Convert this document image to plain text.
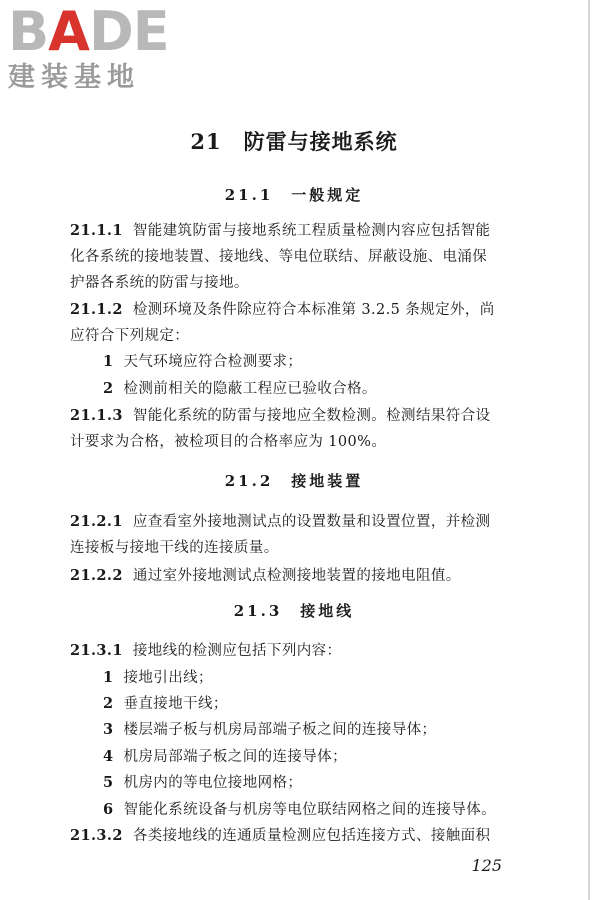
BADE
建装基地
21　防雷与接地系统
21.1　一般规定
21.1.1 智能建筑防雷与接地系统工程质量检测内容应包括智能
化各系统的接地装置、接地线、等电位联结、屏蔽设施、电涌保
护器各系统的防雷与接地。
21.1.2 检测环境及条件除应符合本标准第 3.2.5 条规定外，尚
应符合下列规定：
1 天气环境应符合检测要求；
2 检测前相关的隐蔽工程应已验收合格。
21.1.3 智能化系统的防雷与接地应全数检测。检测结果符合设
计要求为合格，被检项目的合格率应为 100%。
21.2　接地装置
21.2.1 应查看室外接地测试点的设置数量和设置位置，并检测
连接板与接地干线的连接质量。
21.2.2 通过室外接地测试点检测接地装置的接地电阻值。
21.3　接地线
21.3.1 接地线的检测应包括下列内容：
1 接地引出线；
2 垂直接地干线；
3 楼层端子板与机房局部端子板之间的连接导体；
4 机房局部端子板之间的连接导体；
5 机房内的等电位接地网格；
6 智能化系统设备与机房等电位联结网格之间的连接导体。
21.3.2 各类接地线的连通质量检测应包括连接方式、接触面积
125
